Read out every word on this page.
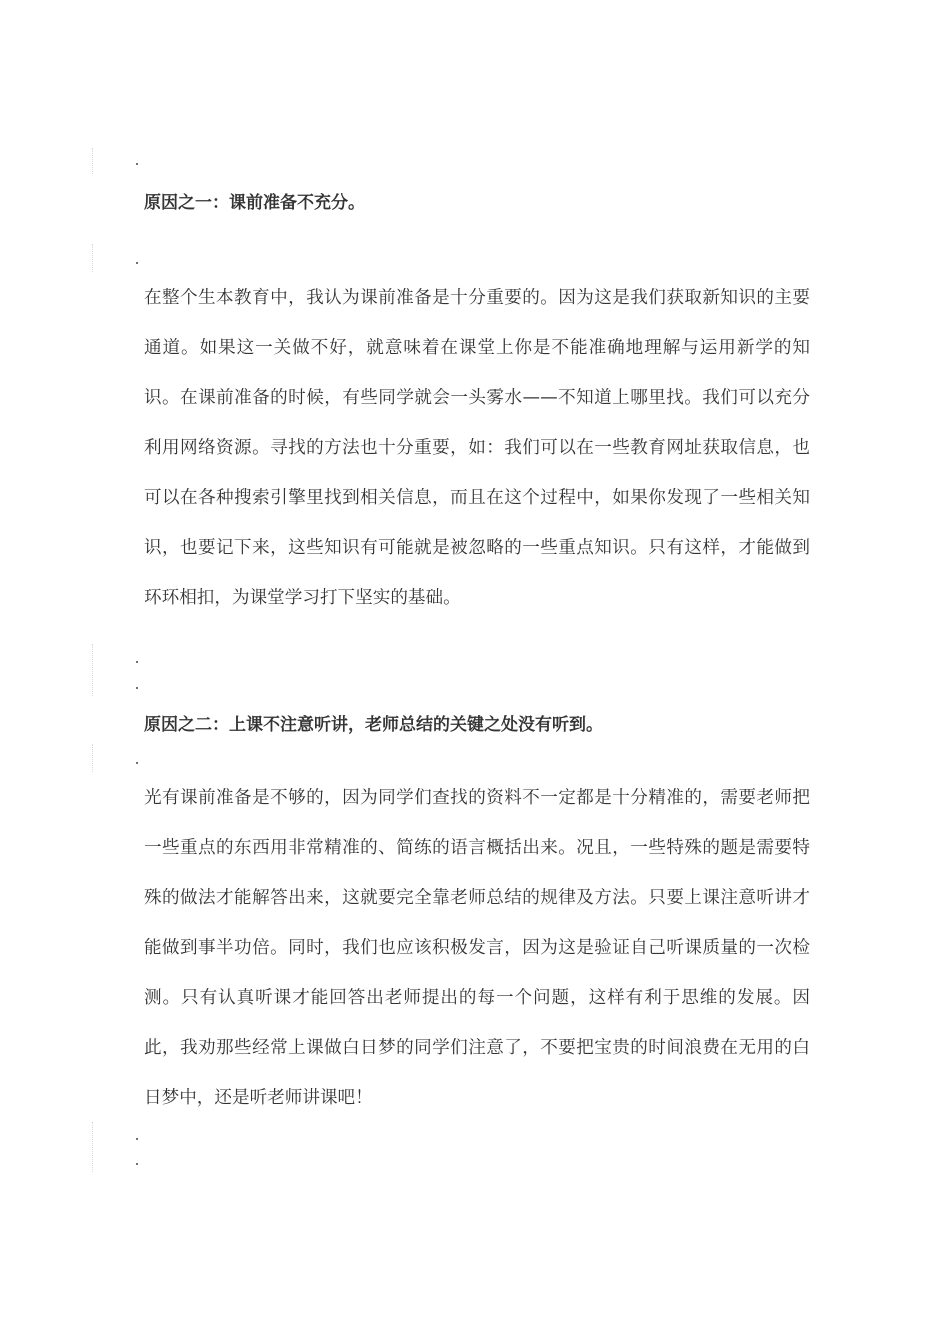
原因之一：课前准备不充分。
在整个生本教育中，我认为课前准备是十分重要的。因为这是我们获取新知识的主要通道。如果这一关做不好，就意味着在课堂上你是不能准确地理解与运用新学的知识。在课前准备的时候，有些同学就会一头雾水——不知道上哪里找。我们可以充分利用网络资源。寻找的方法也十分重要，如：我们可以在一些教育网址获取信息，也可以在各种搜索引擎里找到相关信息，而且在这个过程中，如果你发现了一些相关知识，也要记下来，这些知识有可能就是被忽略的一些重点知识。只有这样，才能做到环环相扣，为课堂学习打下坚实的基础。
原因之二：上课不注意听讲，老师总结的关键之处没有听到。
光有课前准备是不够的，因为同学们查找的资料不一定都是十分精准的，需要老师把一些重点的东西用非常精准的、简练的语言概括出来。况且，一些特殊的题是需要特殊的做法才能解答出来，这就要完全靠老师总结的规律及方法。只要上课注意听讲才能做到事半功倍。同时，我们也应该积极发言，因为这是验证自己听课质量的一次检测。只有认真听课才能回答出老师提出的每一个问题，这样有利于思维的发展。因此，我劝那些经常上课做白日梦的同学们注意了，不要把宝贵的时间浪费在无用的白日梦中，还是听老师讲课吧！
